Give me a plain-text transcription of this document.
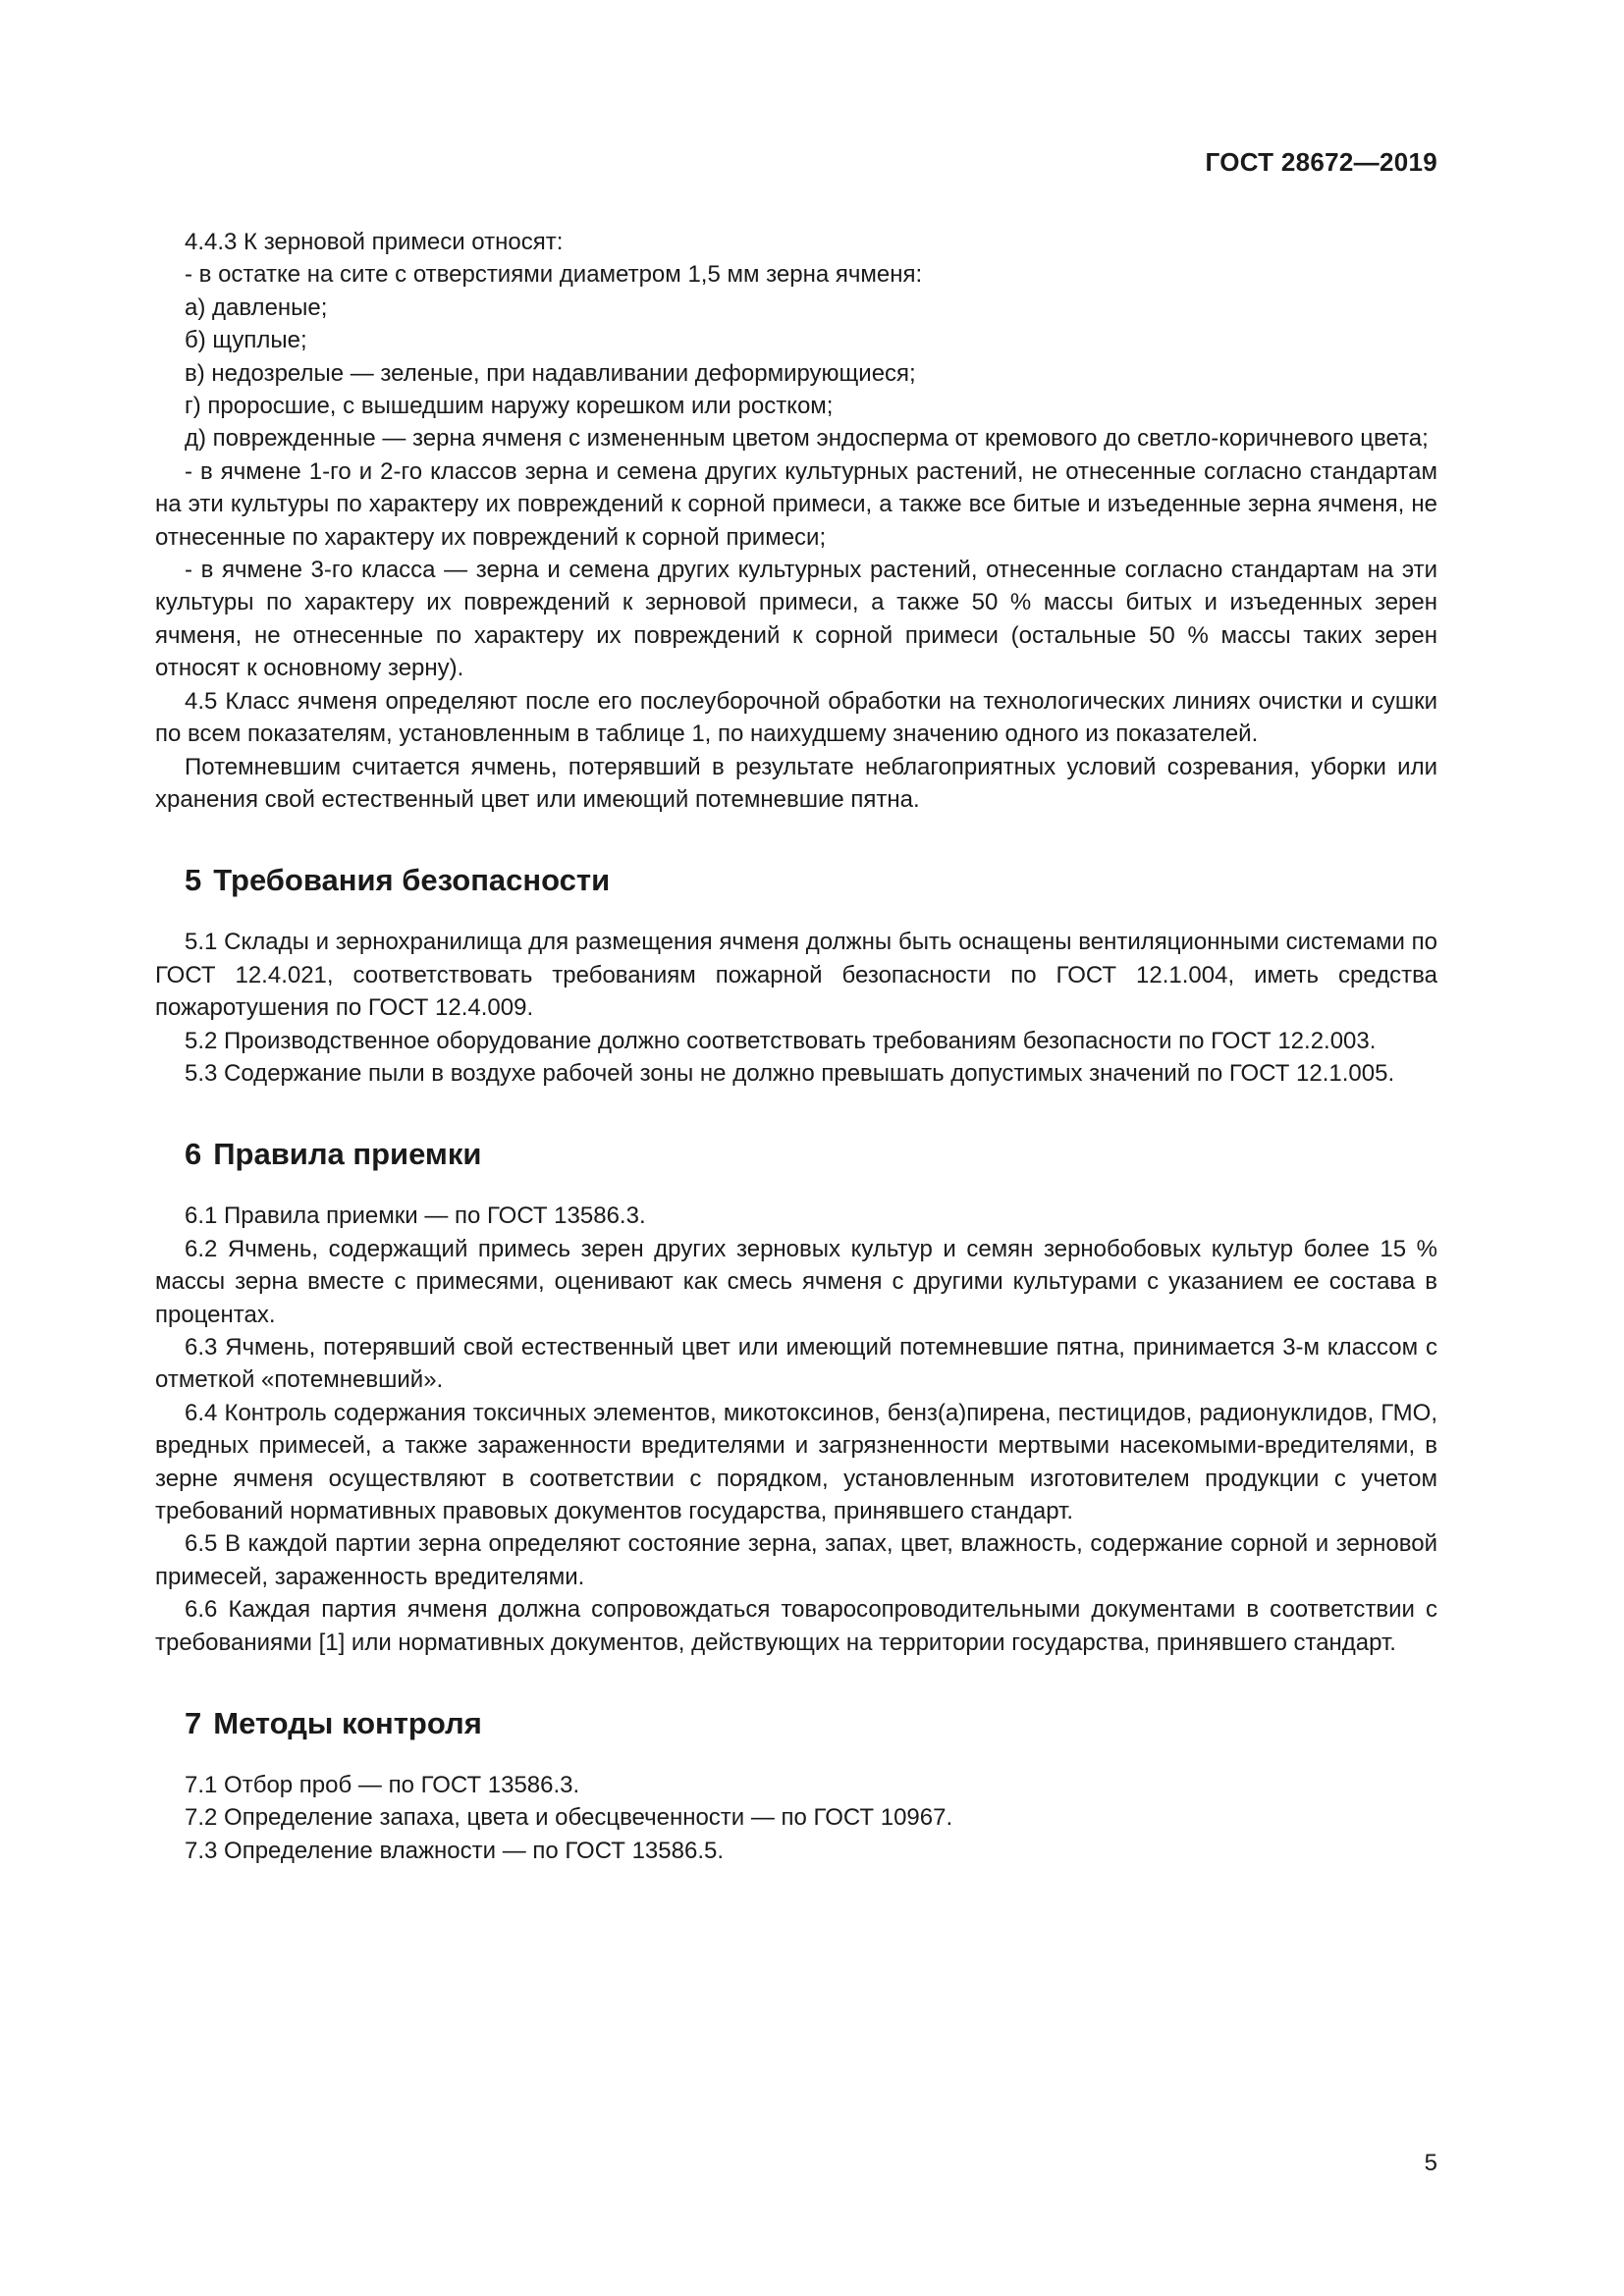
ГОСТ 28672—2019

4.4.3 К зерновой примеси относят:

- в остатке на сите с отверстиями диаметром 1,5 мм зерна ячменя:

а) давленые;

б) щуплые;

в) недозрелые — зеленые, при надавливании деформирующиеся;

г) проросшие, с вышедшим наружу корешком или ростком;

д) поврежденные — зерна ячменя с измененным цветом эндосперма от кремового до светло-коричневого цвета;

- в ячмене 1-го и 2-го классов зерна и семена других культурных растений, не отнесенные согласно стандартам на эти культуры по характеру их повреждений к сорной примеси, а также все битые и изъеденные зерна ячменя, не отнесенные по характеру их повреждений к сорной примеси;

- в ячмене 3-го класса — зерна и семена других культурных растений, отнесенные согласно стандартам на эти культуры по характеру их повреждений к зерновой примеси, а также 50 % массы битых и изъеденных зерен ячменя, не отнесенные по характеру их повреждений к сорной примеси (остальные 50 % массы таких зерен относят к основному зерну).

4.5 Класс ячменя определяют после его послеуборочной обработки на технологических линиях очистки и сушки по всем показателям, установленным в таблице 1, по наихудшему значению одного из показателей.

Потемневшим считается ячмень, потерявший в результате неблагоприятных условий созревания, уборки или хранения свой естественный цвет или имеющий потемневшие пятна.

5 Требования безопасности

5.1 Склады и зернохранилища для размещения ячменя должны быть оснащены вентиляционными системами по ГОСТ 12.4.021, соответствовать требованиям пожарной безопасности по ГОСТ 12.1.004, иметь средства пожаротушения по ГОСТ 12.4.009.

5.2 Производственное оборудование должно соответствовать требованиям безопасности по ГОСТ 12.2.003.

5.3 Содержание пыли в воздухе рабочей зоны не должно превышать допустимых значений по ГОСТ 12.1.005.

6 Правила приемки

6.1 Правила приемки — по ГОСТ 13586.3.

6.2 Ячмень, содержащий примесь зерен других зерновых культур и семян зернобобовых культур более 15 % массы зерна вместе с примесями, оценивают как смесь ячменя с другими культурами с указанием ее состава в процентах.

6.3 Ячмень, потерявший свой естественный цвет или имеющий потемневшие пятна, принимается 3-м классом с отметкой «потемневший».

6.4 Контроль содержания токсичных элементов, микотоксинов, бенз(а)пирена, пестицидов, радионуклидов, ГМО, вредных примесей, а также зараженности вредителями и загрязненности мертвыми насекомыми-вредителями, в зерне ячменя осуществляют в соответствии с порядком, установленным изготовителем продукции с учетом требований нормативных правовых документов государства, принявшего стандарт.

6.5 В каждой партии зерна определяют состояние зерна, запах, цвет, влажность, содержание сорной и зерновой примесей, зараженность вредителями.

6.6 Каждая партия ячменя должна сопровождаться товаросопроводительными документами в соответствии с требованиями [1] или нормативных документов, действующих на территории государства, принявшего стандарт.

7 Методы контроля

7.1 Отбор проб — по ГОСТ 13586.3.

7.2 Определение запаха, цвета и обесцвеченности — по ГОСТ 10967.

7.3 Определение влажности — по ГОСТ 13586.5.

5
